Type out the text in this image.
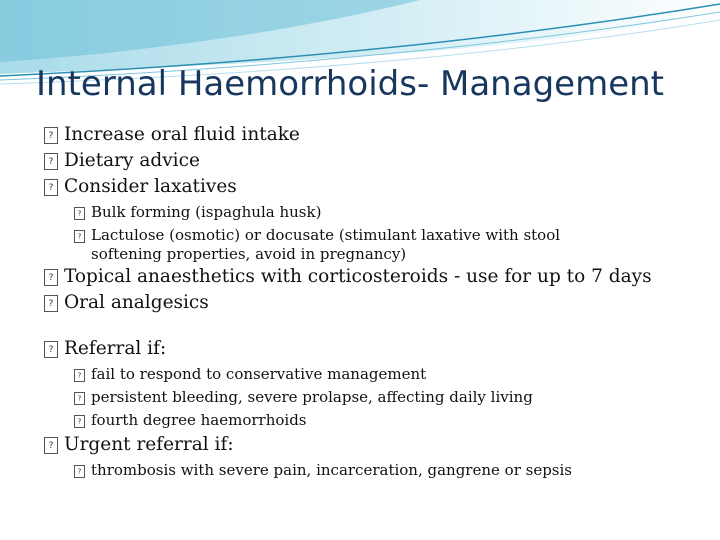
Internal Haemorrhoids- Management
?
Increase oral fluid intake
?
Dietary advice
?
Consider laxatives
?
Bulk forming (ispaghula husk)
?
Lactulose (osmotic) or docusate (stimulant laxative with stool softening properties, avoid in pregnancy)
?
Topical anaesthetics with corticosteroids - use for up to 7 days
?
Oral analgesics
?
Referral if:
?
fail to respond to conservative management
?
persistent bleeding, severe prolapse, affecting daily living
?
fourth degree haemorrhoids
?
Urgent referral if:
?
thrombosis with severe pain, incarceration, gangrene or sepsis
